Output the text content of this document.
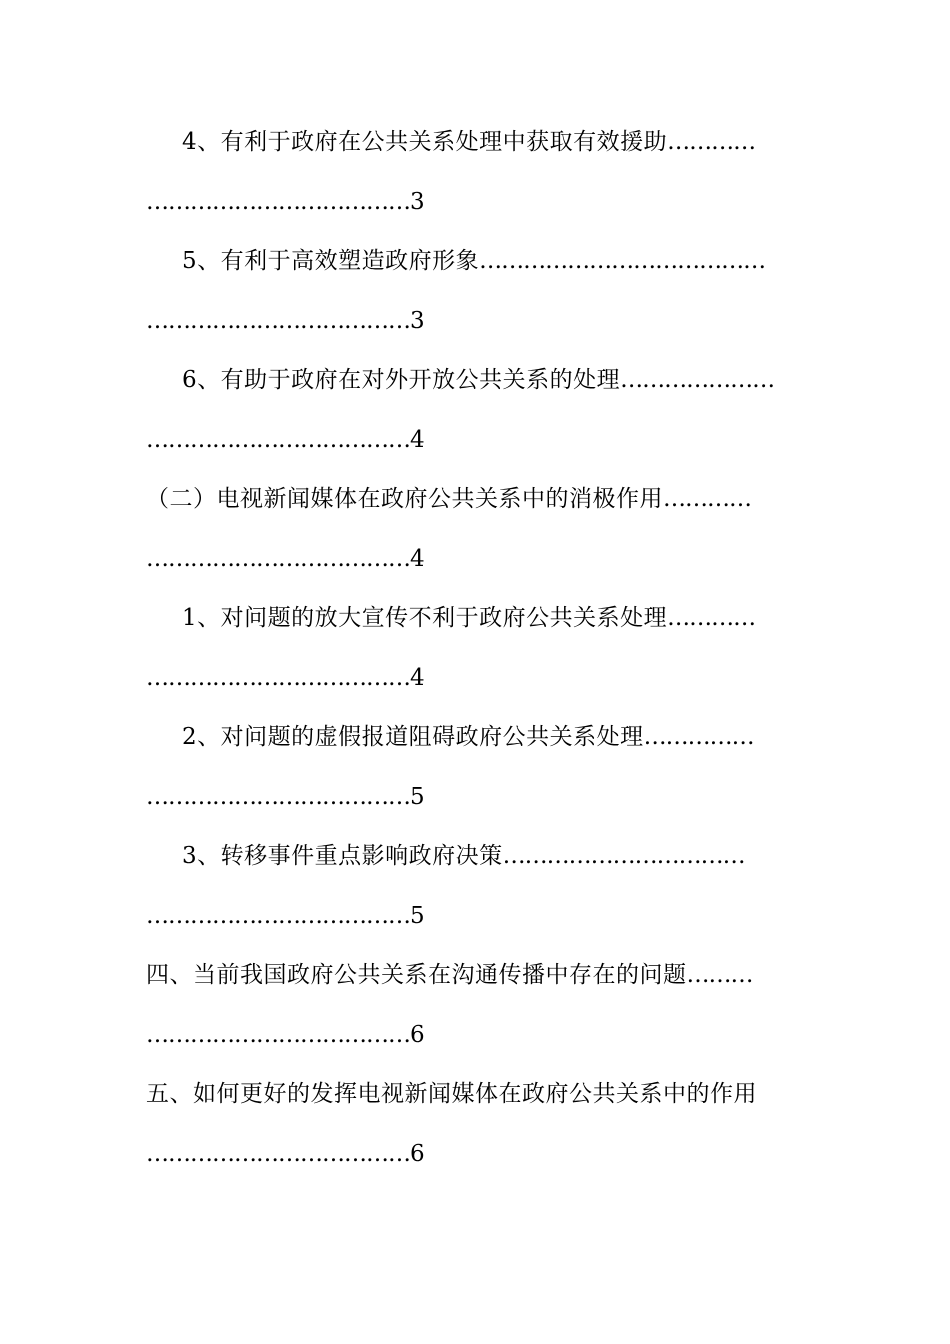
4、有利于政府在公共关系处理中获取有效援助…………
………………………………3
5、有利于高效塑造政府形象…………………………………
………………………………3
6、有助于政府在对外开放公共关系的处理…………………
………………………………4
（二）电视新闻媒体在政府公共关系中的消极作用…………
………………………………4
1、对问题的放大宣传不利于政府公共关系处理…………
………………………………4
2、对问题的虚假报道阻碍政府公共关系处理……………
………………………………5
3、转移事件重点影响政府决策……………………………
………………………………5
四、当前我国政府公共关系在沟通传播中存在的问题………
………………………………6
五、如何更好的发挥电视新闻媒体在政府公共关系中的作用
………………………………6
